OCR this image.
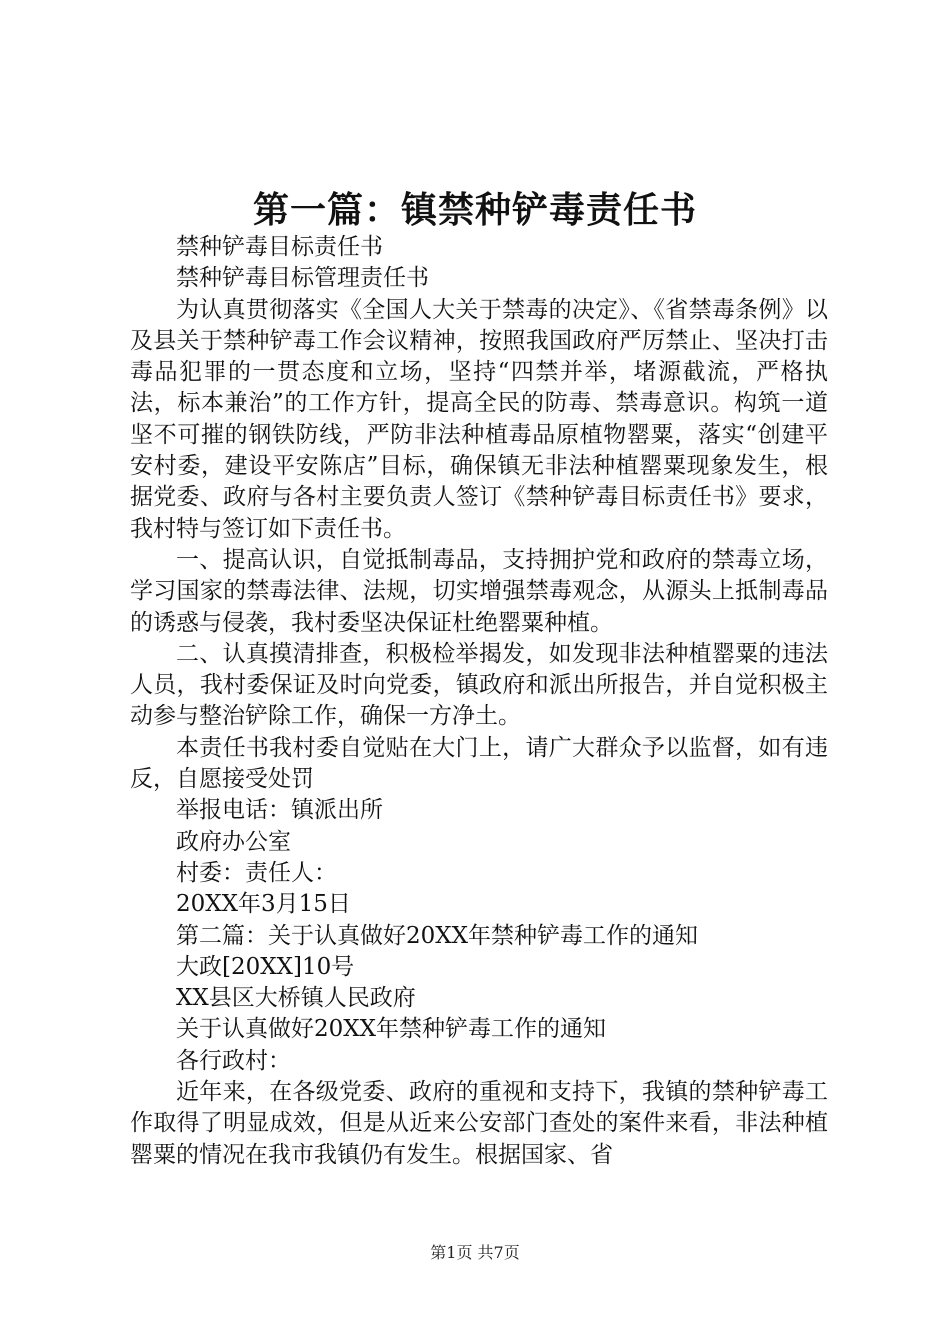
第一篇：镇禁种铲毒责任书

禁种铲毒目标责任书

禁种铲毒目标管理责任书

为认真贯彻落实《全国人大关于禁毒的决定》、《省禁毒条例》以及县关于禁种铲毒工作会议精神，按照我国政府严厉禁止、坚决打击毒品犯罪的一贯态度和立场，坚持“四禁并举，堵源截流，严格执法，标本兼治”的工作方针，提高全民的防毒、禁毒意识。构筑一道坚不可摧的钢铁防线，严防非法种植毒品原植物罂粟，落实“创建平安村委，建设平安陈店”目标，确保镇无非法种植罂粟现象发生，根据党委、政府与各村主要负责人签订《禁种铲毒目标责任书》要求，我村特与签订如下责任书。

一、提高认识，自觉抵制毒品，支持拥护党和政府的禁毒立场，学习国家的禁毒法律、法规，切实增强禁毒观念，从源头上抵制毒品的诱惑与侵袭，我村委坚决保证杜绝罂粟种植。

二、认真摸清排查，积极检举揭发，如发现非法种植罂粟的违法人员，我村委保证及时向党委，镇政府和派出所报告，并自觉积极主动参与整治铲除工作，确保一方净土。

本责任书我村委自觉贴在大门上，请广大群众予以监督，如有违反，自愿接受处罚

举报电话：镇派出所

政府办公室

村委：责任人：

20XX年3月15日

第二篇：关于认真做好20XX年禁种铲毒工作的通知

大政[20XX]10号

XX县区大桥镇人民政府

关于认真做好20XX年禁种铲毒工作的通知

各行政村：

近年来，在各级党委、政府的重视和支持下，我镇的禁种铲毒工作取得了明显成效，但是从近来公安部门查处的案件来看，非法种植罂粟的情况在我市我镇仍有发生。根据国家、省

第1页 共7页
